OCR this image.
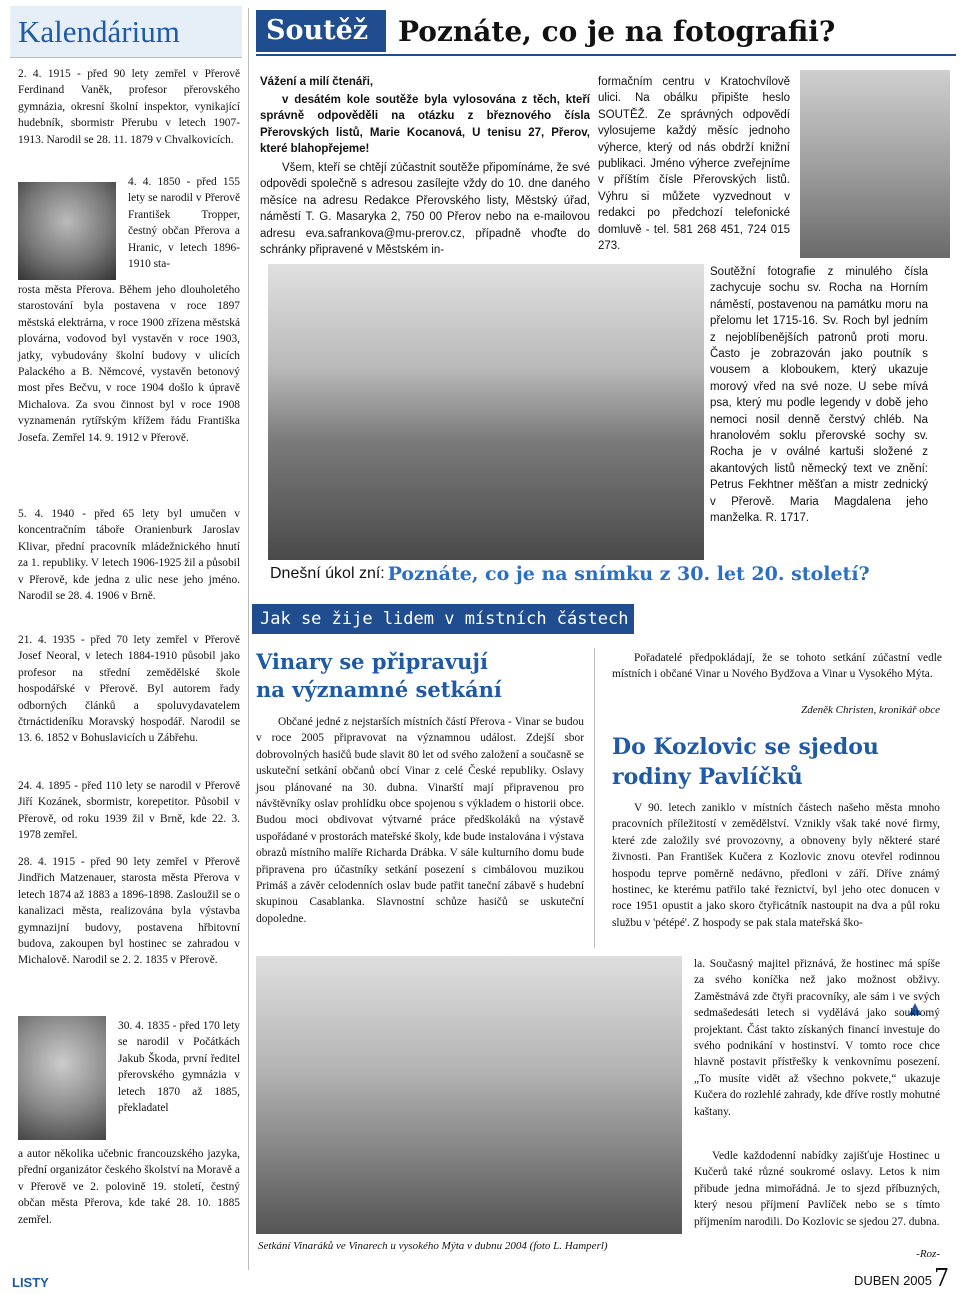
Kalendárium
2. 4. 1915 - před 90 lety zemřel v Přerově Ferdinand Vaněk, profesor přerovského gymnázia, okresní školní inspektor, vynikající hudebník, sbormistr Přerubu v letech 1907-1913. Narodil se 28. 11. 1879 v Chvalkovicích.
4. 4. 1850 - před 155 lety se narodil v Přerově František Tropper, čestný občan Přerova a Hranic, v letech 1896-1910 sta-
rosta města Přerova. Během jeho dlouholetého starostování byla postavena v roce 1897 městská elektrárna, v roce 1900 zřízena městská plovárna, vodovod byl vystavěn v roce 1903, jatky, vybudovány školní budovy v ulicích Palackého a B. Němcové, vystavěn betonový most přes Bečvu, v roce 1904 došlo k úpravě Michalova. Za svou činnost byl v roce 1908 vyznamenán rytířským křížem řádu Františka Josefa. Zemřel 14. 9. 1912 v Přerově.
5. 4. 1940 - před 65 lety byl umučen v koncentračním táboře Oranienburk Jaroslav Klivar, přední pracovník mládežnického hnutí za 1. republiky. V letech 1906-1925 žil a působil v Přerově, kde jedna z ulic nese jeho jméno. Narodil se 28. 4. 1906 v Brně.
21. 4. 1935 - před 70 lety zemřel v Přerově Josef Neoral, v letech 1884-1910 působil jako profesor na střední zemědělské škole hospodářské v Přerově. Byl autorem řady odborných článků a spoluvydavatelem čtrnáctideníku Moravský hospodář. Narodil se 13. 6. 1852 v Bohuslavicích u Zábřehu.
24. 4. 1895 - před 110 lety se narodil v Přerově Jiří Kozánek, sbormistr, korepetitor. Působil v Přerově, od roku 1939 žil v Brně, kde 22. 3. 1978 zemřel.
28. 4. 1915 - před 90 lety zemřel v Přerově Jindřich Matzenauer, starosta města Přerova v letech 1874 až 1883 a 1896-1898. Zasloužil se o kanalizaci města, realizována byla výstavba gymnazijní budovy, postavena hřbitovní budova, zakoupen byl hostinec se zahradou v Michalově. Narodil se 2. 2. 1835 v Přerově.
30. 4. 1835 - před 170 lety se narodil v Počátkách Jakub Škoda, první ředitel přerovského gymnázia v letech 1870 až 1885, překladatel
a autor několika učebnic francouzského jazyka, přední organizátor českého školství na Moravě a v Přerově ve 2. polovině 19. století, čestný občan města Přerova, kde také 28. 10. 1885 zemřel.
Soutěž	Poznáte, co je na fotografii?
Vážení a milí čtenáři,
v desátém kole soutěže byla vylosována z těch, kteří správně odpověděli na otázku z březnového čísla Přerovských listů, Marie Kocanová, U tenisu 27, Přerov, které blahopřejeme!
Všem, kteří se chtějí zúčastnit soutěže připomínáme, že své odpovědi společně s adresou zasílejte vždy do 10. dne daného měsíce na adresu Redakce Přerovského listy, Městský úřad, náměstí T. G. Masaryka 2, 750 00 Přerov nebo na e-mailovou adresu eva.safrankova@mu-prerov.cz, případně vhoďte do schránky připravené v Městském in-
formačním centru v Kratochvílově ulici. Na obálku připište heslo SOUTĚŽ. Ze správných odpovědí vylosujeme každý měsíc jednoho výherce, který od nás obdrží knižní publikaci. Jméno výherce zveřejníme v příštím čísle Přerovských listů. Výhru si můžete vyzvednout v redakci po předchozí telefonické domluvě - tel. 581 268 451, 724 015 273.
Soutěžní fotografie z minulého čísla zachycuje sochu sv. Rocha na Horním náměstí, postavenou na památku moru na přelomu let 1715-16. Sv. Roch byl jedním z nejoblíbenějších patronů proti moru. Často je zobrazován jako poutník s vousem a kloboukem, který ukazuje morový vřed na své noze. U sebe mívá psa, který mu podle legendy v době jeho nemoci nosil denně čerstvý chléb. Na hranolovém soklu přerovské sochy sv. Rocha je v oválné kartuši složené z akantových listů německý text ve znění: Petrus Fekhtner měšťan a mistr zednický v Přerově. Maria Magdalena jeho manželka. R. 1717.
Dnešní úkol zní: Poznáte, co je na snímku z 30. let 20. století?
Jak se žije lidem v místních částech
Vinary se připravují
na významné setkání
Občané jedné z nejstarších místních částí Přerova - Vinar se budou v roce 2005 připravovat na významnou událost. Zdejší sbor dobrovolných hasičů bude slavit 80 let od svého založení a současně se uskuteční setkání občanů obcí Vinar z celé České republiky. Oslavy jsou plánované na 30. dubna. Vinarští mají připravenou pro návštěvníky oslav prohlídku obce spojenou s výkladem o historii obce. Budou moci obdivovat výtvarné práce předškoláků na výstavě uspořádané v prostorách mateřské školy, kde bude instalována i výstava obrazů místního malíře Richarda Drábka. V sále kulturního domu bude připravena pro účastníky setkání posezení s cimbálovou muzikou Primáš a závěr celodenních oslav bude patřit taneční zábavě s hudební skupinou Casablanka. Slavnostní schůze hasičů se uskuteční dopoledne.
Pořadatelé předpokládají, že se tohoto setkání zúčastní vedle místních i občané Vinar u Nového Bydžova a Vinar u Vysokého Mýta.
Zdeněk Christen, kronikář obce
Do Kozlovic se sjedou
rodiny Pavlíčků
V 90. letech zaniklo v místních částech našeho města mnoho pracovních příležitostí v zemědělství. Vznikly však také nové firmy, které zde založily své provozovny, a obnoveny byly některé staré živnosti. Pan František Kučera z Kozlovic znovu otevřel rodinnou hospodu teprve poměrně nedávno, předloni v září. Dříve známý hostinec, ke kterému patřilo také řeznictví, byl jeho otec donucen v roce 1951 opustit a jako skoro čtyřicátník nastoupit na dva a půl roku službu v 'pétépé'. Z hospody se pak stala mateřská ško-
Setkání Vinaráků ve Vinarech u vysokého Mýta v dubnu 2004 (foto L. Hamperl)
la. Současný majitel přiznává, že hostinec má spíše za svého koníčka než jako možnost obživy. Zaměstnává zde čtyři pracovníky, ale sám i ve svých sedmašedesáti letech si vydělává jako soukromý projektant. Část takto získaných financí investuje do svého podnikání v hostinství. V tomto roce chce hlavně postavit přístřešky k venkovnímu posezení. „To musíte vidět až všechno pokvete,“ ukazuje Kučera do rozlehlé zahrady, kde dříve rostly mohutné kaštany.
Vedle každodenní nabídky zajišťuje Hostinec u Kučerů také různé soukromé oslavy. Letos k nim přibude jedna mimořádná. Je to sjezd příbuzných, který nesou příjmení Pavlíček nebo se s tímto příjmením narodili. Do Kozlovic se sjedou 27. dubna.
-Roz-
LISTY	DUBEN 2005 7
